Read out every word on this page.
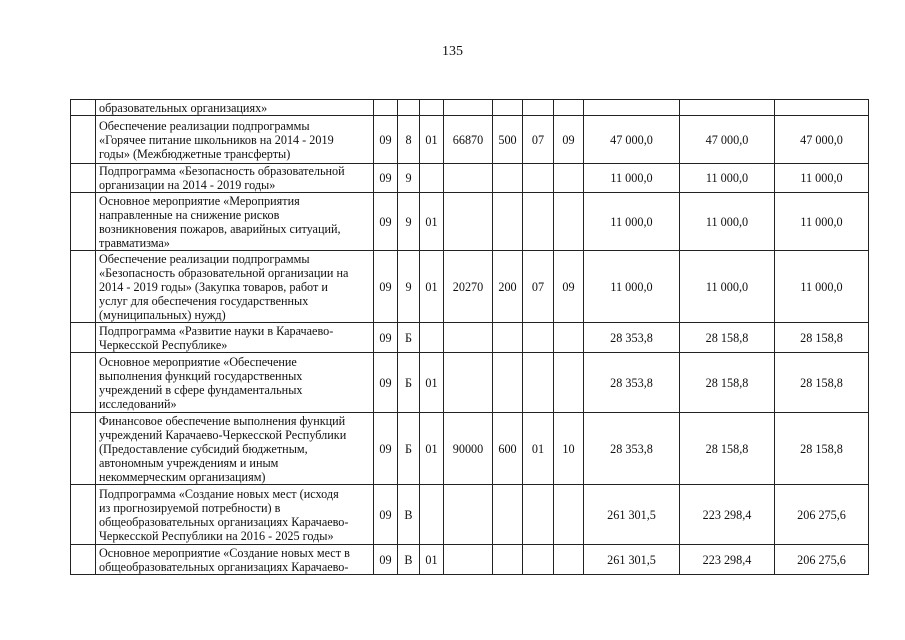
135

	образовательных организациях»										

	Обеспечение реализации подпрограммы
«Горячее питание школьников на 2014 - 2019
годы» (Межбюджетные трансферты)	09	8	01	66870	500	07	09	47 000,0	47 000,0	47 000,0

	Подпрограмма «Безопасность образовательной
организации на 2014 - 2019 годы»	09	9						11 000,0	11 000,0	11 000,0

	Основное мероприятие «Мероприятия
направленные на снижение рисков
возникновения пожаров, аварийных ситуаций,
травматизма»	09	9	01					11 000,0	11 000,0	11 000,0

	Обеспечение реализации подпрограммы
«Безопасность образовательной организации на
2014 - 2019 годы» (Закупка товаров, работ и
услуг для обеспечения государственных
(муниципальных) нужд)	09	9	01	20270	200	07	09	11 000,0	11 000,0	11 000,0

	Подпрограмма «Развитие науки в Карачаево-
Черкесской Республике»	09	Б						28 353,8	28 158,8	28 158,8

	Основное мероприятие «Обеспечение
выполнения функций государственных
учреждений в сфере фундаментальных
исследований»	09	Б	01					28 353,8	28 158,8	28 158,8

	Финансовое обеспечение выполнения функций
учреждений Карачаево-Черкесской Республики
(Предоставление субсидий бюджетным,
автономным учреждениям и иным
некоммерческим организациям)	09	Б	01	90000	600	01	10	28 353,8	28 158,8	28 158,8

	Подпрограмма «Создание новых мест (исходя
из прогнозируемой потребности) в
общеобразовательных организациях Карачаево-
Черкесской Республики на 2016 - 2025 годы»	09	В						261 301,5	223 298,4	206 275,6

	Основное мероприятие «Создание новых мест в
общеобразовательных организациях Карачаево-	09	В	01					261 301,5	223 298,4	206 275,6
